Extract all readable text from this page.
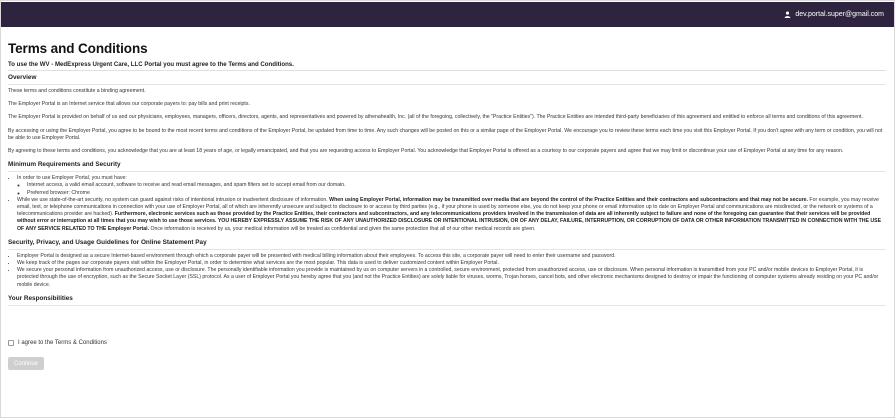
dev.portal.super@gmail.com
Terms and Conditions
To use the WV - MedExpress Urgent Care, LLC Portal you must agree to the Terms and Conditions.
Overview

These terms and conditions constitute a binding agreement.

The Employer Portal is an Internet service that allows our corporate payers to: pay bills and print receipts.

The Employer Portal is provided on behalf of us and our physicians, employees, managers, officers, directors, agents, and representatives and powered by athenahealth, Inc. (all of the foregoing, collectively, the "Practice Entities"). The Practice Entities are intended third-party beneficiaries of this agreement and entitled to enforce all terms and conditions of this agreement.

By accessing or using the Employer Portal, you agree to be bound to the most recent terms and conditions of the Employer Portal, be updated from time to time. Any such changes will be posted on this or a similar page of the Employer Portal. We encourage you to review these terms each time you visit this Employer Portal. If you don't agree with any term or condition, you will not be able to use Employer Portal.

By agreeing to these terms and conditions, you acknowledge that you are at least 18 years of age, or legally emancipated, and that you are requesting access to Employer Portal. You acknowledge that Employer Portal is offered as a courtesy to our corporate payers and agree that we may limit or discontinue your use of Employer Portal at any time for any reason.

Minimum Requirements and Security
• In order to use Employer Portal, you must have:
◦ Internet access, a valid email account, software to receive and read email messages, and spam filters set to accept email from our domain.
◦ Preferred browser: Chrome
• While we use state-of-the-art security, no system can guard against risks of intentional intrusion or inadvertent disclosure of information. When using Employer Portal, information may be transmitted over media that are beyond the control of the Practice Entities and their contractors and subcontractors and that may not be secure. For example, you may receive email, text, or telephone communications in connection with your use of Employer Portal, all of which are inherently unsecure and subject to disclosure to or access by third parties (e.g., if your phone is used by someone else, you do not keep your phone or email information up to date on Employer Portal and communications are misdirected, or the network or systems of a telecommunications provider are hacked). Furthermore, electronic services such as those provided by the Practice Entities, their contractors and subcontractors, and any telecommunications providers involved in the transmission of data are all inherently subject to failure and none of the foregoing can guarantee that their services will be provided without error or interruption at all times that you may wish to use those services. YOU HEREBY EXPRESSLY ASSUME THE RISK OF ANY UNAUTHORIZED DISCLOSURE OR INTENTIONAL INTRUSION, OR OF ANY DELAY, FAILURE, INTERRUPTION, OR CORRUPTION OF DATA OR OTHER INFORMATION TRANSMITTED IN CONNECTION WITH THE USE OF ANY SERVICE RELATED TO THE Employer Portal. Once information is received by us, your medical information will be treated as confidential and given the same protection that all of our other medical records are given.
Security, Privacy, and Usage Guidelines for Online Statement Pay
• Employer Portal is designed as a secure Internet-based environment through which a corporate payer will be presented with medical billing information about their employees. To access this site, a corporate payer will need to enter their username and password.
• We keep track of the pages our corporate payers visit within the Employer Portal, in order to determine what services are the most popular. This data is used to deliver customized content within Employer Portal.
• We secure your personal information from unauthorized access, use or disclosure. The personally identifiable information you provide is maintained by us on computer servers in a controlled, secure environment, protected from unauthorized access, use or disclosure. When personal information is transmitted from your PC and/or mobile devices to Employer Portal, it is protected through the use of encryption, such as the Secure Socket Layer (SSL) protocol. As a user of Employer Portal you hereby agree that you (and not the Practice Entities) are solely liable for viruses, worms, Trojan horses, cancel bots, and other electronic mechanisms designed to destroy or impair the functioning of computer systems already residing on your PC and/or mobile device.
Your Responsibilities
I agree to the Terms & Conditions
Continue
